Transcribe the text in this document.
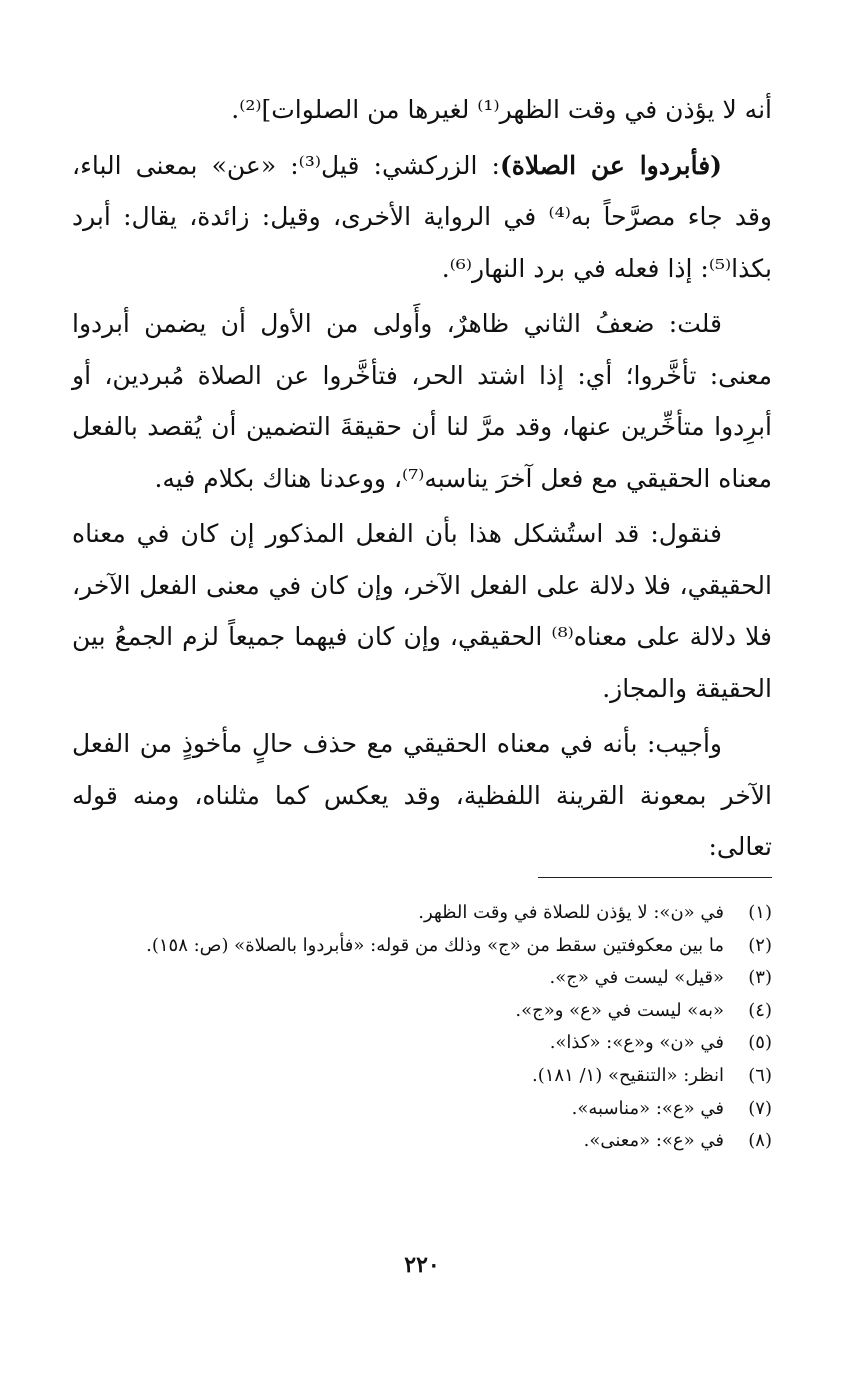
أنه لا يؤذن في وقت الظهر⁽¹⁾ لغيرها من الصلوات]⁽²⁾.

(فأبردوا عن الصلاة): الزركشي: قيل⁽³⁾: «عن» بمعنى الباء، وقد جاء مصرَّحاً به⁽⁴⁾ في الرواية الأخرى، وقيل: زائدة، يقال: أبرد بكذا⁽⁵⁾: إذا فعله في برد النهار⁽⁶⁾.

قلت: ضعفُ الثاني ظاهرٌ، وأَولى من الأول أن يضمن أبردوا معنى: تأخَّروا؛ أي: إذا اشتد الحر، فتأخَّروا عن الصلاة مُبردين، أو أبرِدوا متأخِّرين عنها، وقد مرَّ لنا أن حقيقةَ التضمين أن يُقصد بالفعل معناه الحقيقي مع فعل آخرَ يناسبه⁽⁷⁾، ووعدنا هناك بكلام فيه.

فنقول: قد استُشكل هذا بأن الفعل المذكور إن كان في معناه الحقيقي، فلا دلالة على الفعل الآخر، وإن كان في معنى الفعل الآخر، فلا دلالة على معناه⁽⁸⁾ الحقيقي، وإن كان فيهما جميعاً لزم الجمعُ بين الحقيقة والمجاز.

وأجيب: بأنه في معناه الحقيقي مع حذف حالٍ مأخوذٍ من الفعل الآخر بمعونة القرينة اللفظية، وقد يعكس كما مثلناه، ومنه قوله تعالى:

(١)في «ن»: لا يؤذن للصلاة في وقت الظهر.
(٢)ما بين معكوفتين سقط من «ج» وذلك من قوله: «فأبردوا بالصلاة» (ص: ١٥٨).
(٣)«قيل» ليست في «ج».
(٤)«به» ليست في «ع» و«ج».
(٥)في «ن» و«ع»: «كذا».
(٦)انظر: «التنقيح» (١/ ١٨١).
(٧)في «ع»: «مناسبه».
(٨)في «ع»: «معنى».
٢٢٠
